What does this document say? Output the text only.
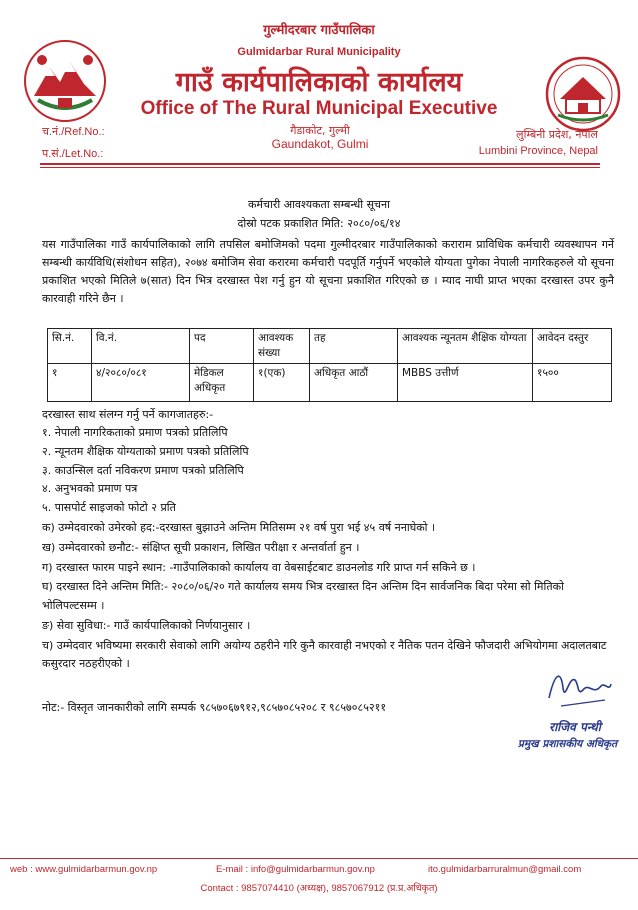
गुल्मीदरबार गाउँपालिका
Gulmidarbar Rural Municipality
गाउँ कार्यपालिकाको कार्यालय
Office of The Rural Municipal Executive
गैडाकोट, गुल्मी
Gaundakot, Gulmi
च.नं./Ref.No.:
प.सं./Let.No.:
लुम्बिनी प्रदेश, नेपाल
Lumbini Province, Nepal
कर्मचारी आवश्यकता सम्बन्धी सूचना
दोस्रो पटक प्रकाशित मिति: २०८०/०६/१४

यस गाउँपालिका गाउँ कार्यपालिकाको लागि तपसिल बमोजिमको पदमा गुल्मीदरबार गाउँपालिकाको कराराम प्राविधिक कर्मचारी व्यवस्थापन गर्ने सम्बन्धी कार्यविधि(संशोधन सहित), २०७४ बमोजिम सेवा करारमा कर्मचारी पदपूर्ति गर्नुपर्ने भएकोले योग्यता पुगेका नेपाली नागरिकहरुले यो सूचना प्रकाशित भएको मितिले ७(सात) दिन भित्र दरखास्त पेश गर्नु हुन यो सूचना प्रकाशित गरिएको छ । म्याद नाघी प्राप्त भएका दरखास्त उपर कुनै कारवाही गरिने छैन ।

सि.नं.	वि.नं.	पद	आवश्यक संख्या	तह	आवश्यक न्यूनतम शैक्षिक योग्यता	आवेदन दस्तुर
१	४/२०८०/०८१	मेडिकल अधिकृत	१(एक)	अधिकृत आठौं	MBBS उत्तीर्ण	१५००
दरखास्त साथ संलग्न गर्नु पर्ने कागजातहरु:-
१. नेपाली नागरिकताको प्रमाण पत्रको प्रतिलिपि
२. न्यूनतम शैक्षिक योग्यताको प्रमाण पत्रको प्रतिलिपि
३. काउन्सिल दर्ता नविकरण प्रमाण पत्रको प्रतिलिपि
४. अनुभवको प्रमाण पत्र
५. पासपोर्ट साइजको फोटो २ प्रति
क) उम्मेदवारको उमेरको हद:-दरखास्त बुझाउने अन्तिम मितिसम्म २१ वर्ष पुरा भई ४५ वर्ष ननाघेको ।
ख) उम्मेदवारको छनौट:- संक्षिप्त सूची प्रकाशन, लिखित परीक्षा र अन्तर्वार्ता हुन ।
ग) दरखास्त फारम पाइने स्थान: -गाउँपालिकाको कार्यालय वा वेबसाईटबाट डाउनलोड गरि प्राप्त गर्न सकिने छ ।
घ) दरखास्त दिने अन्तिम मिति:- २०८०/०६/२० गते कार्यालय समय भित्र दरखास्त दिन अन्तिम दिन सार्वजनिक बिदा परेमा सो मितिको भोलिपल्टसम्म ।
ङ) सेवा सुविधा:- गाउँ कार्यपालिकाको निर्णयानुसार ।
च) उम्मेदवार भविष्यमा सरकारी सेवाको लागि अयोग्य ठहरीने गरि कुनै कारवाही नभएको र नैतिक पतन देखिने फौजदारी अभियोगमा अदालतबाट कसुरदार नठहरीएको ।
नोट:- विस्तृत जानकारीको लागि सम्पर्क ९८५७०६७९१२,९८५७०८५२०८ र ९८५७०८५२११
राजिव पन्थी
प्रमुख प्रशासकीय अधिकृत
web : www.gulmidarbarmun.gov.np	E-mail : info@gulmidarbarmun.gov.np	ito.gulmidarbarruralmun@gmail.com
Contact : 9857074410 (अध्यक्ष), 9857067912 (प्र.प्र.अधिकृत)
